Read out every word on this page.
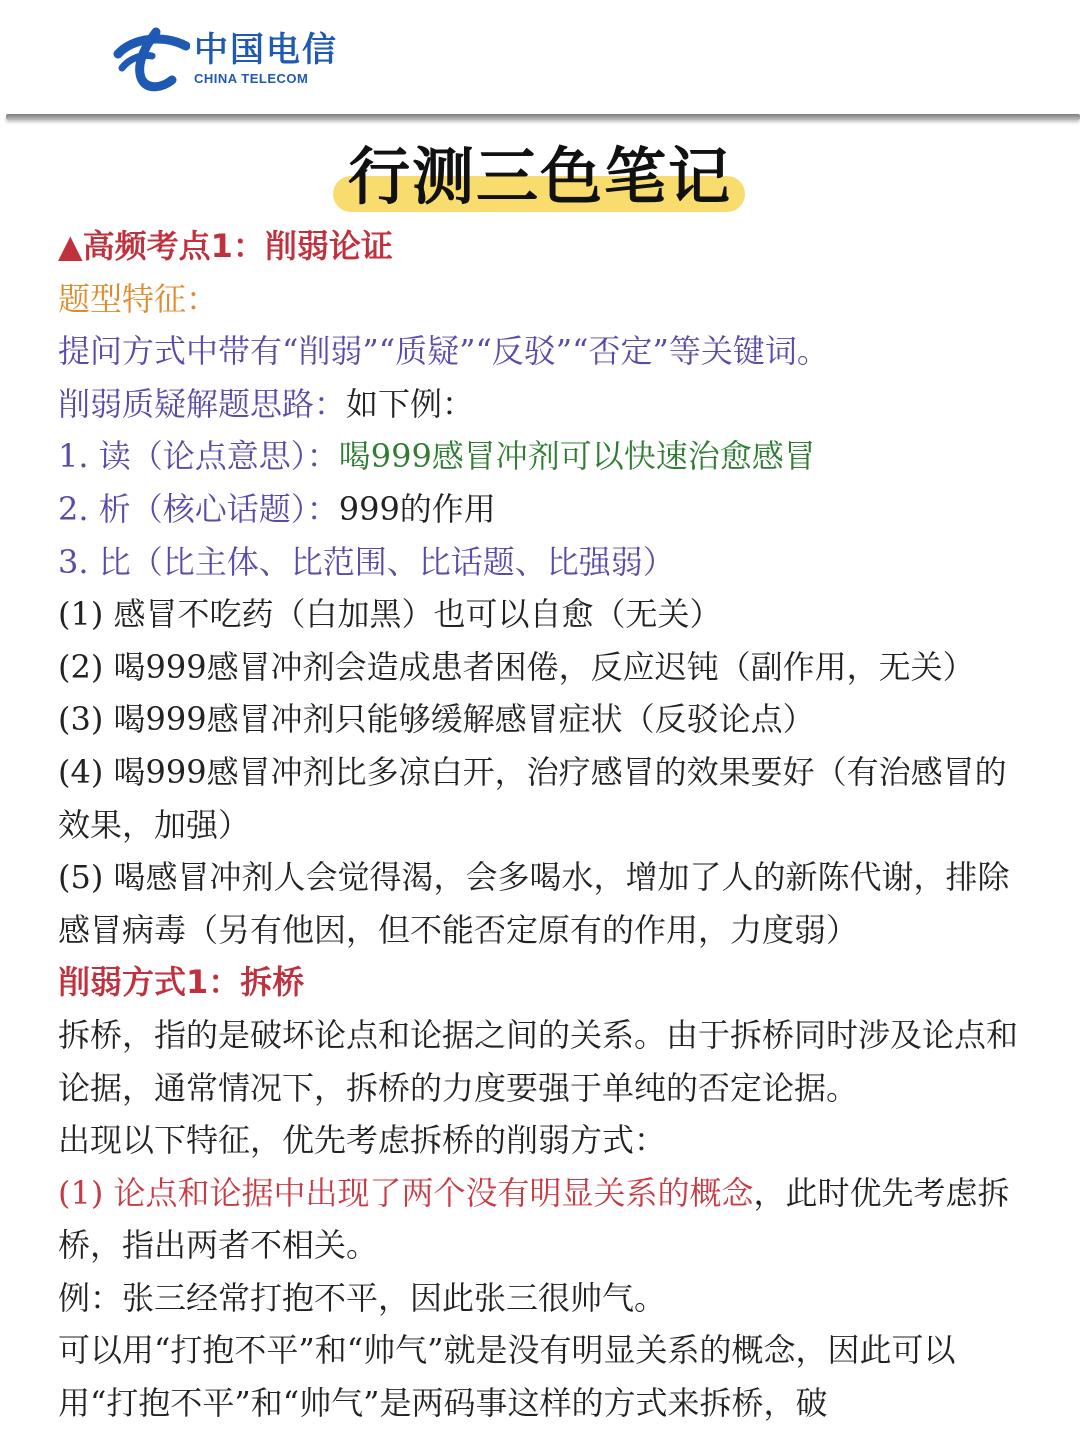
中国电信
CHINA TELECOM
行测三色笔记

▲高频考点1：削弱论证

题型特征：

提问方式中带有“削弱”“质疑”“反驳”“否定”等关键词。

削弱质疑解题思路：如下例：

1. 读（论点意思）：喝999感冒冲剂可以快速治愈感冒

2. 析（核心话题）：999的作用

3. 比（比主体、比范围、比话题、比强弱）

(1) 感冒不吃药（白加黑）也可以自愈（无关）

(2) 喝999感冒冲剂会造成患者困倦，反应迟钝（副作用，无关）

(3) 喝999感冒冲剂只能够缓解感冒症状（反驳论点）

(4) 喝999感冒冲剂比多凉白开，治疗感冒的效果要好（有治感冒的效果，加强）

(5) 喝感冒冲剂人会觉得渴，会多喝水，增加了人的新陈代谢，排除感冒病毒（另有他因，但不能否定原有的作用，力度弱）

削弱方式1：拆桥

拆桥，指的是破坏论点和论据之间的关系。由于拆桥同时涉及论点和论据，通常情况下，拆桥的力度要强于单纯的否定论据。

出现以下特征，优先考虑拆桥的削弱方式：

(1) 论点和论据中出现了两个没有明显关系的概念，此时优先考虑拆桥，指出两者不相关。

例：张三经常打抱不平，因此张三很帅气。

可以用“打抱不平”和“帅气”就是没有明显关系的概念，因此可以用“打抱不平”和“帅气”是两码事这样的方式来拆桥，破
